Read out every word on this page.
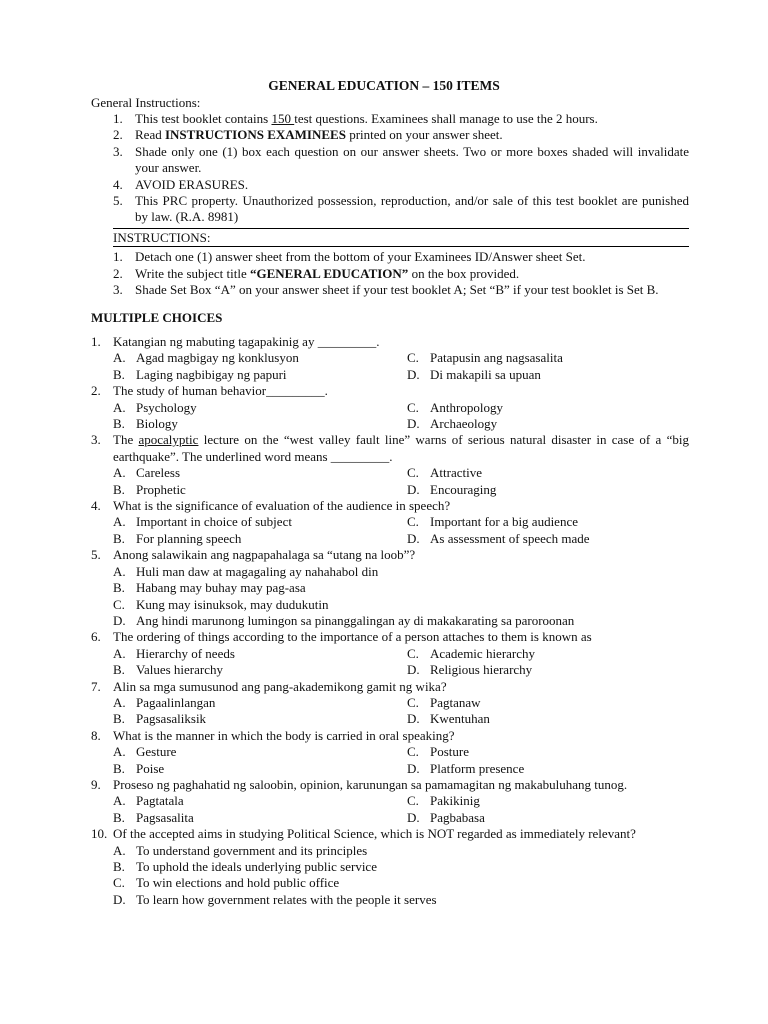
GENERAL EDUCATION – 150 ITEMS
General Instructions:
1. This test booklet contains 150 test questions. Examinees shall manage to use the 2 hours.
2. Read INSTRUCTIONS EXAMINEES printed on your answer sheet.
3. Shade only one (1) box each question on our answer sheets. Two or more boxes shaded will invalidate your answer.
4. AVOID ERASURES.
5. This PRC property. Unauthorized possession, reproduction, and/or sale of this test booklet are punished by law. (R.A. 8981)
INSTRUCTIONS:
1. Detach one (1) answer sheet from the bottom of your Examinees ID/Answer sheet Set.
2. Write the subject title “GENERAL EDUCATION” on the box provided.
3. Shade Set Box “A” on your answer sheet if your test booklet A; Set “B” if your test booklet is Set B.
MULTIPLE CHOICES
1. Katangian ng mabuting tagapakinig ay _________.
A. Agad magbigay ng konklusyon	C. Patapusin ang nagsasalita
B. Laging nagbibigay ng papuri	D. Di makapili sa upuan
2. The study of human behavior_________.
A. Psychology	C. Anthropology
B. Biology	D. Archaeology
3. The apocalyptic lecture on the “west valley fault line” warns of serious natural disaster in case of a “big earthquake”. The underlined word means _________.
A. Careless	C. Attractive
B. Prophetic	D. Encouraging
4. What is the significance of evaluation of the audience in speech?
A. Important in choice of subject	C. Important for a big audience
B. For planning speech	D. As assessment of speech made
5. Anong salawikain ang nagpapahalaga sa “utang na loob”?
A. Huli man daw at magagaling ay nahahabol din
B. Habang may buhay may pag-asa
C. Kung may isinuksok, may dudukutin
D. Ang hindi marunong lumingon sa pinanggalingan ay di makakarating sa paroroonan
6. The ordering of things according to the importance of a person attaches to them is known as
A. Hierarchy of needs	C. Academic hierarchy
B. Values hierarchy	D. Religious hierarchy
7. Alin sa mga sumusunod ang pang-akademikong gamit ng wika?
A. Pagaalinlangan	C. Pagtanaw
B. Pagsasaliksik	D. Kwentuhan
8. What is the manner in which the body is carried in oral speaking?
A. Gesture	C. Posture
B. Poise	D. Platform presence
9. Proseso ng paghahatid ng saloobin, opinion, karunungan sa pamamagitan ng makabuluhang tunog.
A. Pagtatala	C. Pakikinig
B. Pagsasalita	D. Pagbabasa
10. Of the accepted aims in studying Political Science, which is NOT regarded as immediately relevant?
A. To understand government and its principles
B. To uphold the ideals underlying public service
C. To win elections and hold public office
D. To learn how government relates with the people it serves
